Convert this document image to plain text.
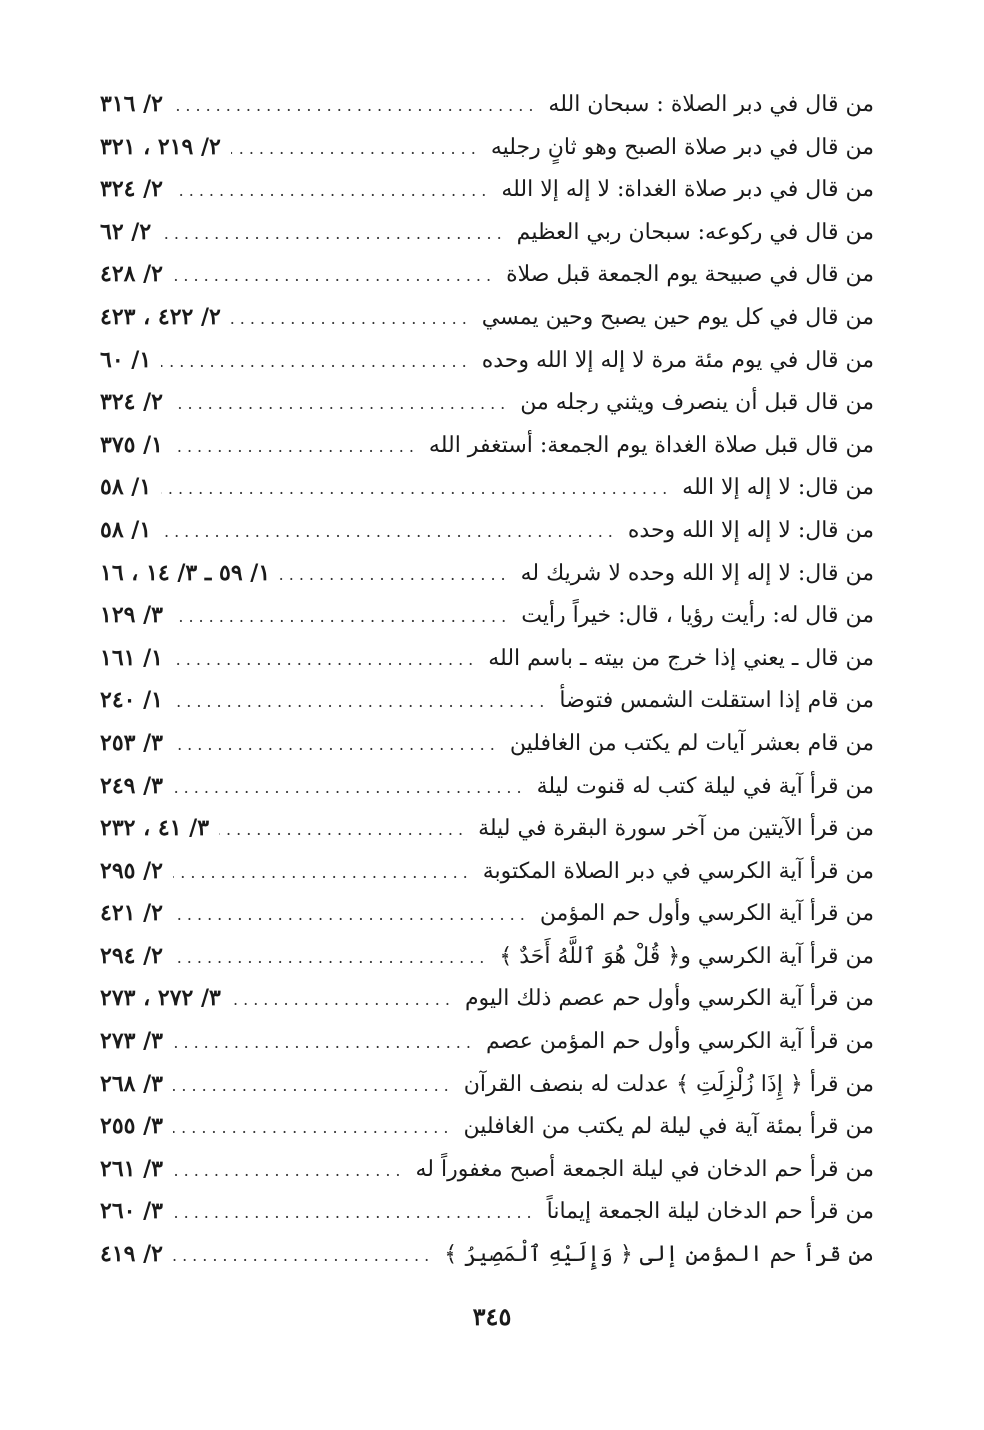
من قال في دبر الصلاة : سبحان الله
.....
٢/ ٣١٦
من قال في دبر صلاة الصبح وهو ثانٍ رجليه
.....
٢/ ٢١٩ ، ٣٢١
من قال في دبر صلاة الغداة: لا إله إلا الله
.....
٢/ ٣٢٤
من قال في ركوعه: سبحان ربي العظيم
.....
٢/ ٦٢
من قال في صبيحة يوم الجمعة قبل صلاة
.....
٢/ ٤٢٨
من قال في كل يوم حين يصبح وحين يمسي
.....
٢/ ٤٢٢ ، ٤٢٣
من قال في يوم مئة مرة لا إله إلا الله وحده
.....
١/ ٦٠
من قال قبل أن ينصرف ويثني رجله من
.....
٢/ ٣٢٤
من قال قبل صلاة الغداة يوم الجمعة: أستغفر الله
.....
١/ ٣٧٥
من قال: لا إله إلا الله
.....
١/ ٥٨
من قال: لا إله إلا الله وحده
.....
١/ ٥٨
من قال: لا إله إلا الله وحده لا شريك له
.....
١/ ٥٩ ـ ٣/ ١٤ ، ١٦
من قال له: رأيت رؤيا ، قال: خيراً رأيت
.....
٣/ ١٢٩
من قال ـ يعني إذا خرج من بيته ـ باسم الله
.....
١/ ١٦١
من قام إذا استقلت الشمس فتوضأ
.....
١/ ٢٤٠
من قام بعشر آيات لم يكتب من الغافلين
.....
٣/ ٢٥٣
من قرأ آية في ليلة كتب له قنوت ليلة
.....
٣/ ٢٤٩
من قرأ الآيتين من آخر سورة البقرة في ليلة
.....
٣/ ٤١ ، ٢٣٢
من قرأ آية الكرسي في دبر الصلاة المكتوبة
.....
٢/ ٢٩٥
من قرأ آية الكرسي وأول حم المؤمن
.....
٢/ ٤٢١
من قرأ آية الكرسي و﴿ قُلْ هُوَ ٱللَّهُ أَحَدٌ ﴾
.....
٢/ ٢٩٤
من قرأ آية الكرسي وأول حم عصم ذلك اليوم
.....
٣/ ٢٧٢ ، ٢٧٣
من قرأ آية الكرسي وأول حم المؤمن عصم
.....
٣/ ٢٧٣
من قرأ ﴿ إِذَا زُلْزِلَتِ ﴾ عدلت له بنصف القرآن
.....
٣/ ٢٦٨
من قرأ بمئة آية في ليلة لم يكتب من الغافلين
.....
٣/ ٢٥٥
من قرأ حم الدخان في ليلة الجمعة أصبح مغفوراً له
.....
٣/ ٢٦١
من قرأ حم الدخان ليلة الجمعة إيماناً
.....
٣/ ٢٦٠
من قرأ حم المؤمن إلى ﴿ وَإِلَيْهِ ٱلْمَصِيرُ ﴾
.....
٢/ ٤١٩
٣٤٥
